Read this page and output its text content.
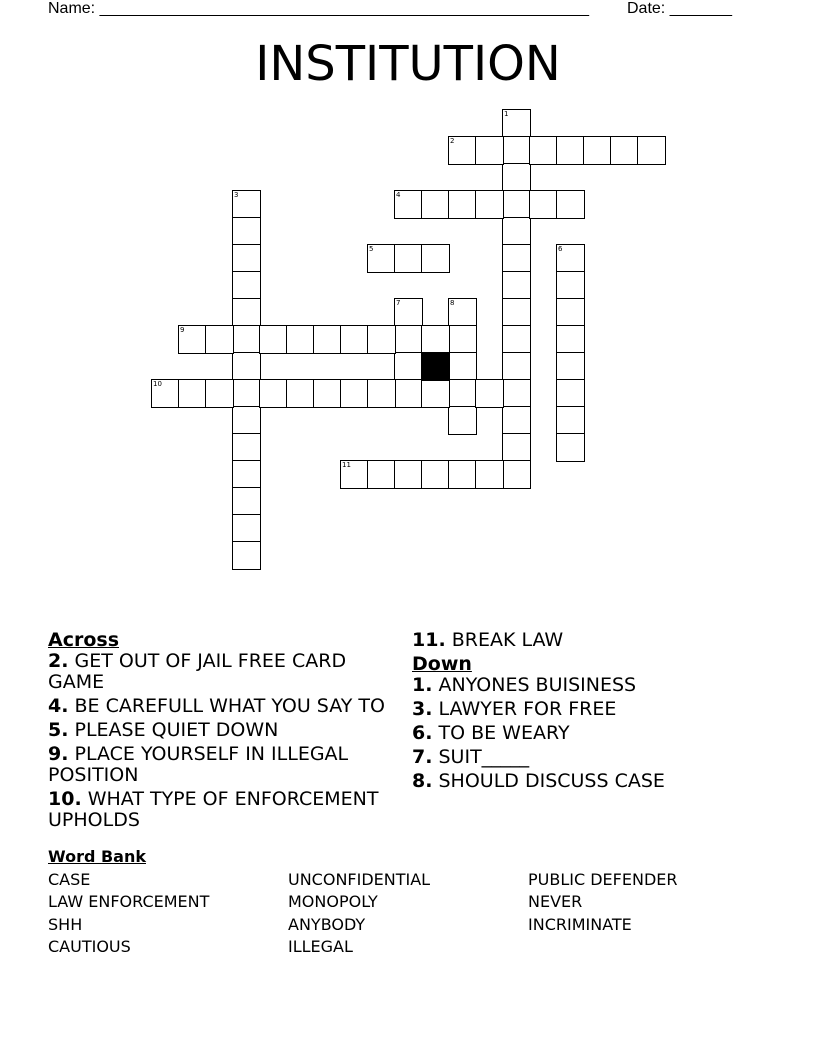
Name: _______________________________________________________ Date: _______
INSTITUTION
1
2
3	4
5	6
7	8
9
10
11
Across
2. GET OUT OF JAIL FREE CARD GAME
4. BE CAREFULL WHAT YOU SAY TO
5. PLEASE QUIET DOWN
9. PLACE YOURSELF IN ILLEGAL POSITION
10. WHAT TYPE OF ENFORCEMENT UPHOLDS
11. BREAK LAW
Down
1. ANYONES BUISINESS
3. LAWYER FOR FREE
6. TO BE WEARY
7. SUIT_____
8. SHOULD DISCUSS CASE
Word Bank
CASE	UNCONFIDENTIAL	PUBLIC DEFENDER
LAW ENFORCEMENT	MONOPOLY	NEVER
SHH	ANYBODY	INCRIMINATE
CAUTIOUS	ILLEGAL
